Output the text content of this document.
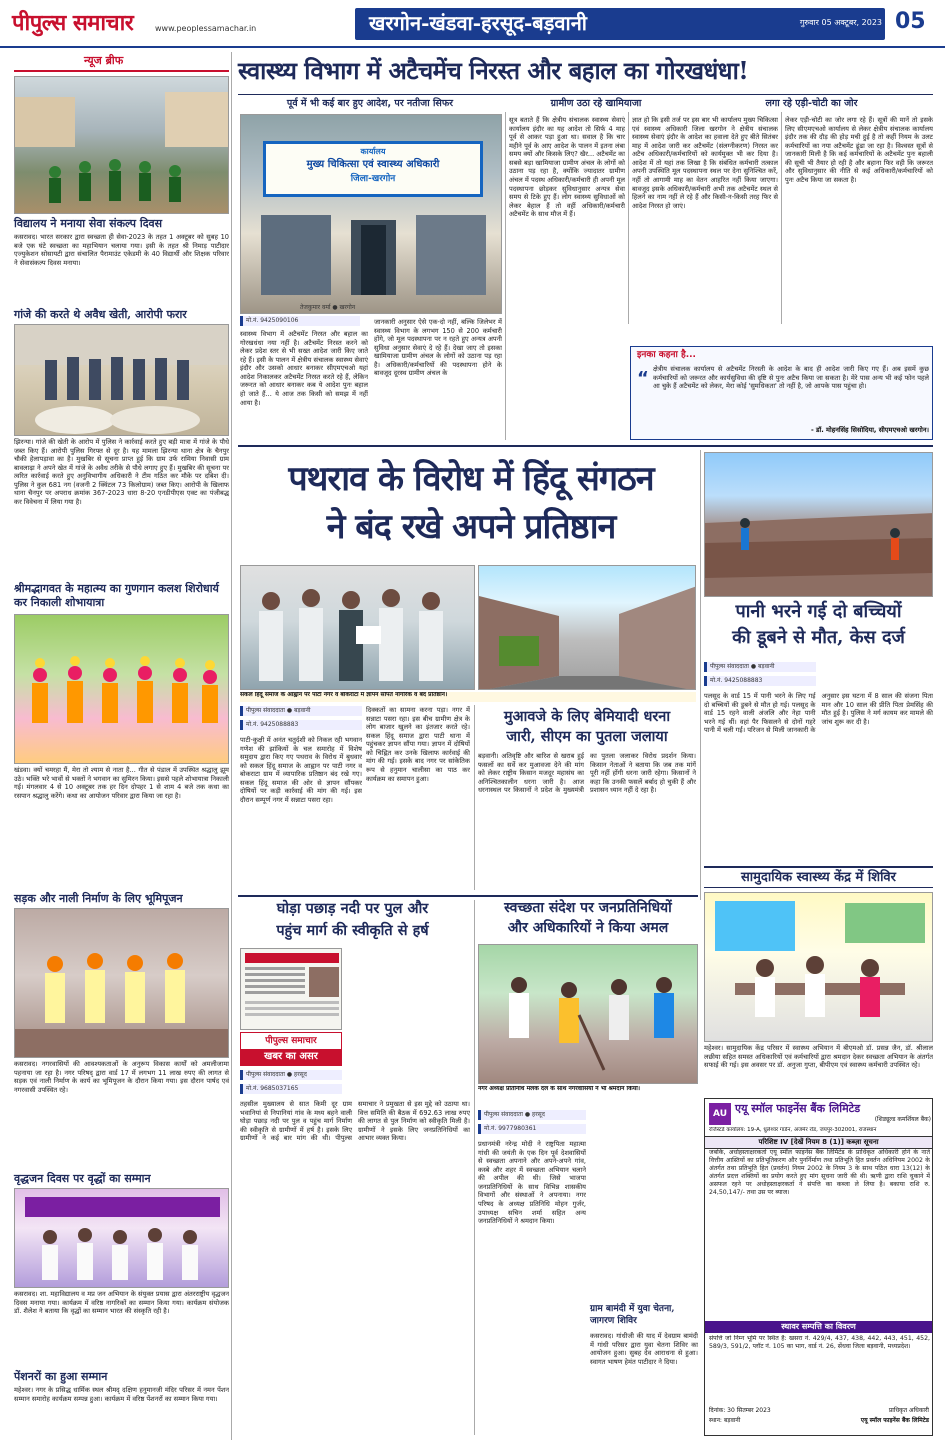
पीपुल्स समाचार	www.peoplessamachar.in	खरगोन-खंडवा-हरसूद-बड़वानी	गुरुवार 05 अक्टूबर, 2023 05
न्यूज ब्रीफ
विद्यालय ने मनाया सेवा संकल्प दिवस
कसरावद। भारत सरकार द्वारा स्वच्छता ही सेवा-2023 के तहत 1 अक्टूबर को सुबह 10 बजे एक घंटे स्वच्छता का महाभियान चलाया गया। इसी के तहत श्री निमाड़ पाटीदार एज्युकेशन सोसायटी द्वारा संचालित पैरामाउंट एकेडमी के 40 विद्यार्थी और शिक्षक परिवार ने सेवासंकल्प दिवस मनाया।
गांजे की करते थे अवैध खेती, आरोपी फरार
झिरन्या। गांजे की खेती के आरोप में पुलिस ने कार्रवाई करते हुए बड़ी मात्रा में गांजे के पौधे जब्त किए हैं। आरोपी पुलिस गिरफ्त से दूर है। यह मामला झिरन्या थाना क्षेत्र के चैनपुर चौकी हेलापड़ावा का है। मुखबिर से सूचना प्राप्त हुई कि ग्राम उर्फ रामिया निवासी ग्राम बावलाढ़ा ने अपने खेत में गांजे के अवैध तरीके से पौधे लगाए हुए हैं। मुखबिर की सूचना पर त्वरित कार्रवाई करते हुए अनुविभागीय अधिकारी ने टीम गठित कर मौके पर दबिश दी। पुलिस ने कुल 681 नग (वजनी 2 क्विंटल 73 किलोग्राम) जब्त किए। आरोपी के खिलाफ थाना चैनपुर पर अपराध क्रमांक 367-2023 धारा 8-20 एनडीपीएस एक्ट का पंजीबद्ध कर विवेचना में लिया गया है।
श्रीमद्भागवत के महात्म्य का गुणगान कलश शिरोधार्य कर निकाली शोभायात्रा
खंडवा। क्यों चमरहा मैं, मेरा तो श्याम से नाता है... गीत से पंडाल में उपस्थित श्रद्धालु झूम उठे। भक्ति भरे भावों से भक्तों ने भगवान का सुमिरन किया। इससे पहले शोभायात्रा निकाली गई। मंगलवार 4 से 10 अक्टूबर तक हर दिन दोपहर 1 से शाम 4 बजे तक कथा का रसपान श्रद्धालु करेंगे। कथा का आयोजन परिवार द्वारा किया जा रहा है।
सड़क और नाली निर्माण के लिए भूमिपूजन
कसरावद। नगरवासियों की आवश्यकताओं के अनुरूप विकास कार्यों को अमलीजामा पहनाया जा रहा है। नगर परिषद् द्वारा वार्ड 17 में लगभग 11 लाख रुपए की लागत से सड़क एवं नाली निर्माण के कार्य का भूमिपूजन के दौरान किया गया। इस दौरान पार्षद एवं नगरवासी उपस्थित रहे।
वृद्धजन दिवस पर वृद्धों का सम्मान
कसरावद। शा. महाविद्यालय व मप्र जन अभियान के संयुक्त प्रयास द्वारा अंतरराष्ट्रीय वृद्धजन दिवस मनाया गया। कार्यक्रम में वरिष्ठ नागरिकों का सम्मान किया गया। कार्यक्रम संयोजक डॉ. शैलेश ने बताया कि वृद्धों का सम्मान भारत की संस्कृति रही है।
पेंशनरों का हुआ सम्मान
महेश्वर। नगर के प्रसिद्ध धार्मिक स्थल श्रीमद् दक्षिण हनुमानजी मंदिर परिसर में नमन पेंशन सम्मान समारोह कार्यक्रम सम्पन्न हुआ। कार्यक्रम में वरिष्ठ पेंशनरों का सम्मान किया गया।
स्वास्थ्य विभाग में अटैचमेंच निरस्त और बहाल का गोरखधंधा!
पूर्व में भी कई बार हुए आदेश, पर नतीजा सिफर	ग्रामीण उठा रहे खामियाजा	लगा रहे एड़ी-चोटी का जोर
कार्यालय
मुख्य चिकित्सा एवं स्वास्थ्य अधिकारी
जिला-खरगोन
तेजकुमार वर्मा ● खरगोन
मो.नं. 9425090106
स्वास्थ्य विभाग में अटैचमेंट निरस्त और बहाल का गोरखधंधा नया नहीं है। अटैचमेंट निरस्त करने को लेकर प्रदेश स्तर से भी सख्त आदेश जारी किए जाते रहे हैं। इसी के पालन में क्षेत्रीय संचालक स्वास्थ्य सेवाएं इंदौर और उसको आधार बनाकर सीएमएचओ यहां आदेश निकालकर अटैचमेंट निरस्त करते रहे हैं, लेकिन जरूरत को आधार बनाकर कब ये आदेश पुनः बहाल हो जाते हैं... ये आज तक किसी को समझ में नहीं आया है।
जानकारी अनुसार ऐसे एक-दो नहीं, बल्कि जिलेभर में स्वास्थ्य विभाग के लगभग 150 से 200 कर्मचारी होंगे, जो मूल पदस्थापना पर न रहते हुए अन्यत्र अपनी सुविधा अनुसार सेवाएं दे रहे हैं। देखा जाए तो इसका खामियाजा ग्रामीण अंचल के लोगों को उठाना पड़ रहा है। अधिकारी/कर्मचारियों की पदस्थापना होने के बावजूद दूरस्थ ग्रामीण अंचल के
सूत्र बताते हैं कि क्षेत्रीय संचालक स्वास्थ्य सेवाएं कार्यालय इंदौर का यह आदेश तो सिर्फ 4 माह पूर्व से आकर पड़ा हुआ था। सवाल है कि चार महीने पूर्व के आए आदेश के पालन में इतना लंबा समय क्यों और किसके लिए? खैर... अटैचमेंट का सबसे बड़ा खामियाजा ग्रामीण अंचल के लोगों को उठाना पड़ रहा है, क्योंकि ज्यादातर ग्रामीण अंचल में पदस्थ अधिकारी/कर्मचारी ही अपनी मूल पदस्थापना छोड़कर सुविधानुसार अन्यत्र सेवा समय से टिके हुए हैं। लोग स्वास्थ्य सुविधाओं को लेकर बेहाल हैं तो वहीं अधिकारी/कर्मचारी अटैचमेंट के साथ मौज में हैं।
ज्ञात हो कि इसी तर्ज पर इस बार भी कार्यालय मुख्य चिकित्सा एवं स्वास्थ्य अधिकारी जिला खरगोन ने क्षेत्रीय संचालक स्वास्थ्य सेवाएं इंदौर के आदेश का हवाला देते हुए बीते सितंबर माह में आदेश जारी कर अटैचमेंट (संलग्नीकरण) निरस्त कर अटैच अधिकारी/कर्मचारियों को कार्यमुक्त भी कर दिया है। आदेश में तो यहां तक लिखा है कि संबंधित कर्मचारी तत्काल अपनी उपस्थिति मूल पदस्थापना स्थल पर देना सुनिश्चित करें, नहीं तो आगामी माह का वेतन आहरित नहीं किया जाएगा। बावजूद इसके अधिकारी/कर्मचारी अभी तक अटैचमेंट स्थल से हिलने का नाम नहीं ले रहे हैं और किसी-न-किसी तरह फिर से आदेश निरस्त हो जाएं।
लेकर एड़ी-चोटी का जोर लगा रहे हैं। सूत्रों की मानें तो इसके लिए सीएमएचओ कार्यालय से लेकर क्षेत्रीय संचालक कार्यालय इंदौर तक की दौड़ की होड़ मची हुई है तो कहीं नियम के उलट कर्मचारियों का नया अटैचमेंट ढूंढा जा रहा है। विश्वस्त सूत्रों से जानकारी मिली है कि कई कर्मचारियों के अटैचमेंट पुनः बहाली की सूची भी तैयार हो रही है और बहाना फिर वही कि जरूरत और सुविधानुसार की नीति से कई अधिकारी/कर्मचारियों को पुनः अटैच किया जा सकता है।
इनका कहना है...
“ क्षेत्रीय संचालक कार्यालय से अटैचमेंट निरस्ती के आदेश के बाद ही आदेश जारी किए गए हैं। अब इसमें कुछ कर्मचारियों को जरूरत और कार्यसुविधा की दृष्टि से पुनः अटैच किया जा सकता है। मेरे पास अन्य भी कई फोन पहले आ चुके हैं अटैचमेंट को लेकर, मेरा कोई 'सुमधिकता' तो नहीं है, जो आपके पास पहुंचा हो।
- डॉ. मोहनसिंह सिसोदिया, सीएमएचओ खरगोन।
पथराव के विरोध में हिंदू संगठन
ने बंद रखे अपने प्रतिष्ठान
सकल हिंदू समाज के आह्वान पर पाटी नगर व बोकराटा में ज्ञापन सौंपते नागरिक व बंद प्रतिष्ठान।
पीपुल्स संवाददाता ● बड़वानी
मो.नं. 9425088883
पाटी-कुक्षी में अनंत चतुर्दशी को निकल रही भगवान गणेश की झांकियों के चल समारोह में विशेष समुदाय द्वारा किए गए पथराव के विरोध में बुधवार को सकल हिंदू समाज के आह्वान पर पाटी नगर व बोकराटा ग्राम में व्यापारिक प्रतिष्ठान बंद रखे गए। सकल हिंदू समाज की ओर से ज्ञापन सौंपकर दोषियों पर कड़ी कार्रवाई की मांग की गई। इस दौरान सम्पूर्ण नगर में सन्नाटा पसरा रहा।
दिक्कतों का सामना करना पड़ा। नगर में सन्नाटा पसरा रहा। इस बीच ग्रामीण क्षेत्र के लोग बाजार खुलने का इंतजार करते रहे। सकल हिंदू समाज द्वारा पाटी थाना में पहुंचकर ज्ञापन सौंपा गया। ज्ञापन में दोषियों को चिह्नित कर उनके खिलाफ कार्रवाई की मांग की गई। इसके बाद नगर पर सांकेतिक रूप से हनुमान चालीसा का पाठ कर कार्यक्रम का समापन हुआ।
पानी भरने गई दो बच्चियों
की डूबने से मौत, केस दर्ज
पीपुल्स संवाददाता ● बड़वानी
मो.नं. 9425088883
पलसूद के वार्ड 15 में पानी भरने के लिए गई दो बच्चियों की डूबने से मौत हो गई। पलसूद के वार्ड 15 रहने वाली अंजलि और नेहा पानी भरने गई थीं। वहां पैर फिसलने से दोनों गहरे पानी में चली गईं। परिजन से मिली जानकारी के अनुसार इस घटना में 8 साल की संजना पिता मान और 10 साल की प्रीति पिता प्रेमसिंह की मौत हुई है। पुलिस ने मर्ग कायम कर मामले की जांच शुरू कर दी है।
मुआवजे के लिए बेमियादी धरना
जारी, सीएम का पुतला जलाया
बड़वानी। अतिवृष्टि और बारिश से खराब हुई फसलों का सर्वे कर मुआवजा देने की मांग को लेकर राष्ट्रीय किसान मजदूर महासंघ का अनिश्चितकालीन धरना जारी है। आज धरनास्थल पर किसानों ने प्रदेश के मुख्यमंत्री का पुतला जलाकर विरोध प्रदर्शन किया। किसान नेताओं ने बताया कि जब तक मांगें पूरी नहीं होंगी धरना जारी रहेगा। किसानों ने कहा कि उनकी फसलें बर्बाद हो चुकी हैं और प्रशासन ध्यान नहीं दे रहा है।
सामुदायिक स्वास्थ्य केंद्र में शिविर
महेश्वर। सामुदायिक केंद्र परिसर में स्वास्थ्य अभियान में बीएमओ डॉ. प्रसन्न जैन, डॉ. श्रीलाल लछीया सहित समस्त अधिकारियों एवं कर्मचारियों द्वारा श्रमदान देकर स्वच्छता अभियान के अंतर्गत सफाई की गई। इस अवसर पर डॉ. अनुजा गुप्ता, बीपीएम एवं स्वास्थ्य कर्मचारी उपस्थित रहे।
घोड़ा पछाड़ नदी पर पुल और
पहुंच मार्ग की स्वीकृति से हर्ष
पीपुल्स समाचार
खबर का असर
पीपुल्स संवाददाता ● हरसूद
मो.नं. 9685037165
तहसील मुख्यालय से सात किमी दूर ग्राम भवानियां से निपानियां गांव के मध्य बहने वाली घोड़ा पछाड़ नदी पर पुल व पहुंच मार्ग निर्माण की स्वीकृति से ग्रामीणों में हर्ष है। इसके लिए ग्रामीणों ने कई बार मांग की थी। पीपुल्स समाचार ने प्रमुखता से इस मुद्दे को उठाया था। वित्त समिति की बैठक में 692.63 लाख रुपए की लागत से पुल निर्माण को स्वीकृति मिली है। ग्रामीणों ने इसके लिए जनप्रतिनिधियों का आभार व्यक्त किया।
स्वच्छता संदेश पर जनप्रतिनिधियों
और अधिकारियों ने किया अमल
नगर अध्यक्ष प्रतिनिधि मलक दल के साथ नगरवासियों ने भी श्रमदान किया।
पीपुल्स संवाददाता ● हरसूद
मो.नं. 9977980361
प्रधानमंत्री नरेन्द्र मोदी ने राष्ट्रपिता महात्मा गांधी की जयंती के एक दिन पूर्व देशवासियों से स्वच्छता अपनाने और अपने-अपने गांव, कस्बे और शहर में स्वच्छता अभियान चलाने की अपील की थी। जिसे भाजपा जनप्रतिनिधियों के साथ विभिन्न शासकीय विभागों और संस्थाओं ने अपनाया। नगर परिषद के अध्यक्ष प्रतिनिधि मोहन गुर्जर, उपाध्यक्ष सचिन शर्मा सहित अन्य जनप्रतिनिधियों ने श्रमदान किया।
ग्राम बामंदी में युवा चेतना, जागरण शिविर
कसरावद। गांधीजी की याद में देवग्राम बामंदी में गांधी परिसर द्वारा युवा चेतना शिविर का आयोजन हुआ। सुबह देव आराधना से हुआ। स्वागत भाषण हेमंत पाटीदार ने दिया।
AU एयू स्मॉल फाइनेंस बैंक लिमिटेड
(शिड्यूल्ड कमर्शियल बैंक)
रजिस्टर्ड कार्यालय: 19-A, धुलेश्वर गार्डन, अजमेर रोड, जयपुर-302001, राजस्थान
परिशिष्ट IV [देखें नियम 8 (1)] कब्ज़ा सूचना
जबकि, अधोहस्ताक्षरकर्ता एयू स्मॉल फाइनेंस बैंक लिमिटेड के प्राधिकृत अधिकारी होने के नाते वित्तीय आस्तियों का प्रतिभूतिकरण और पुनर्निर्माण तथा प्रतिभूति हित प्रवर्तन अधिनियम 2002 के अंतर्गत तथा प्रतिभूति हित (प्रवर्तन) नियम 2002 के नियम 3 के साथ पठित धारा 13(12) के अंतर्गत प्रदत्त शक्तियों का प्रयोग करते हुए मांग सूचना जारी की थी। ऋणी द्वारा राशि चुकाने में असफल रहने पर अधोहस्ताक्षरकर्ता ने संपत्ति का कब्जा ले लिया है। बकाया राशि रु. 24,50,147/- तथा उस पर ब्याज।
स्थावर सम्पत्ति का विवरण
संपत्ति जो निम्न भूमि पर स्थित है: खसरा नं. 429/4, 437, 438, 442, 443, 451, 452, 589/3, 591/2, प्लॉट नं. 105 का भाग, वार्ड नं. 26, सेंधवा जिला बड़वानी, मध्यप्रदेश।
दिनांक: 30 सितम्बर 2023
स्थान: बड़वानी
प्राधिकृत अधिकारी
एयू स्मॉल फाइनेंस बैंक लिमिटेड
